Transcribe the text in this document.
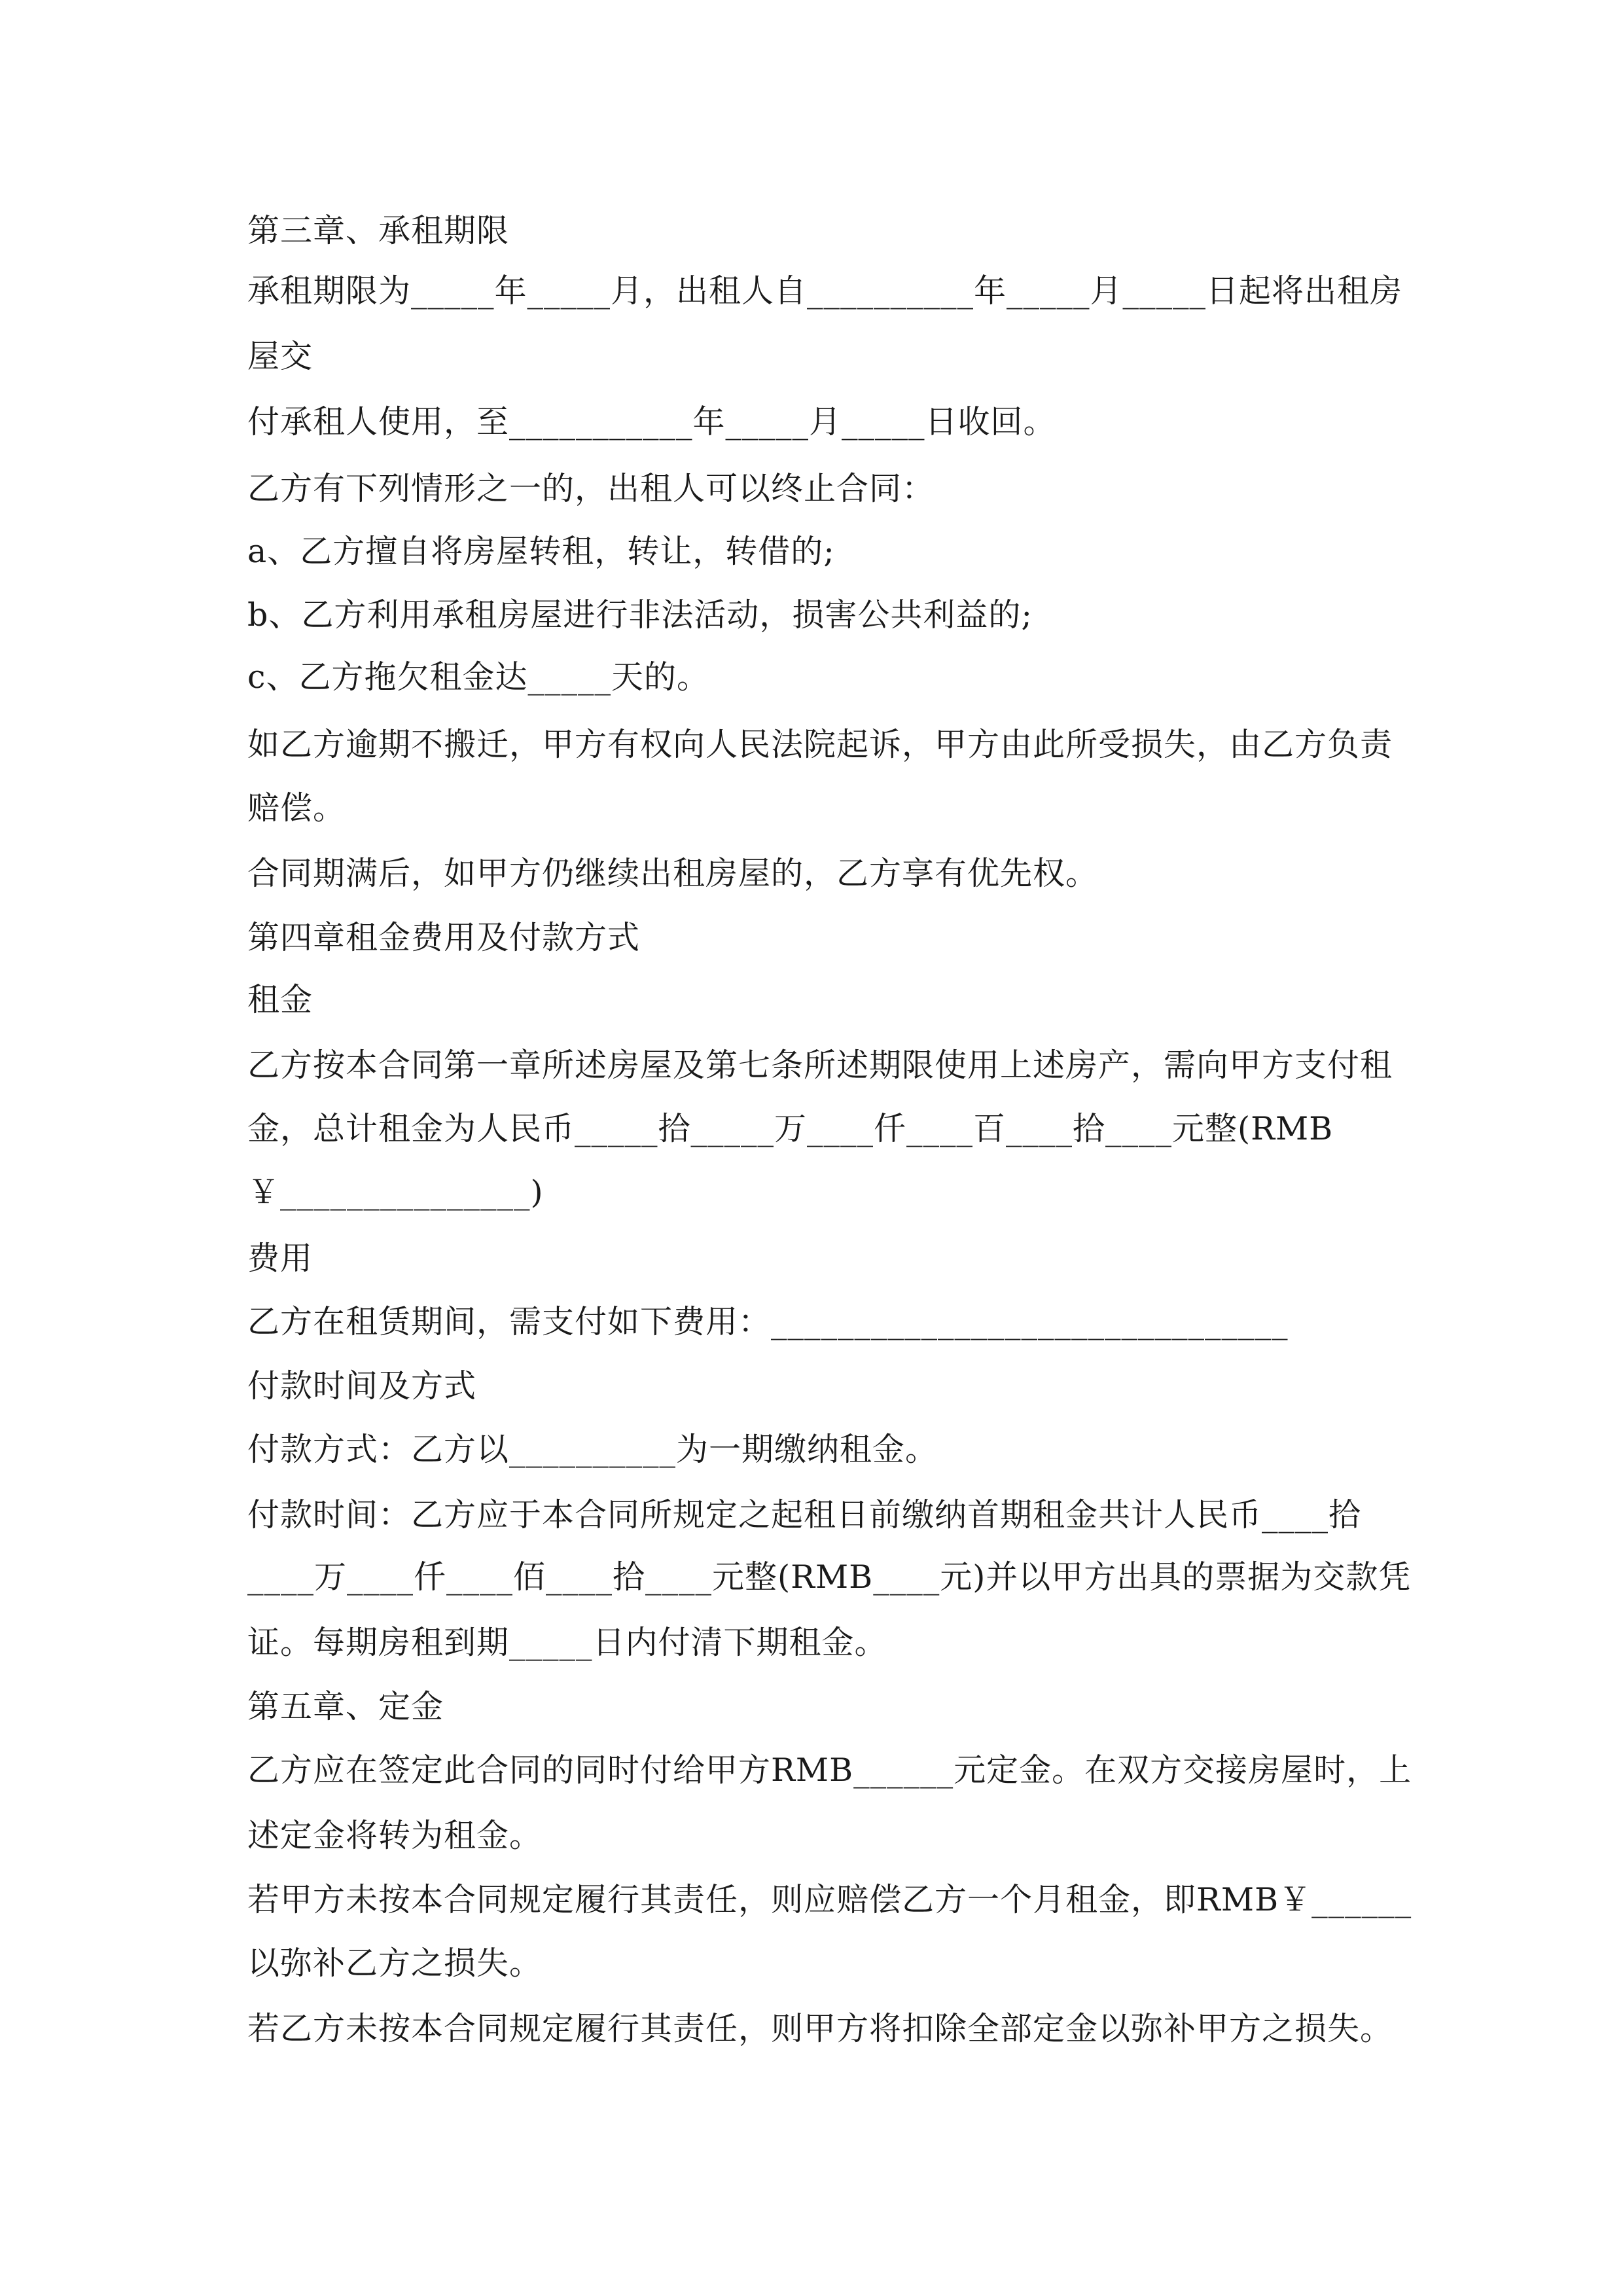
第三章、承租期限
承租期限为_____年_____月，出租人自__________年_____月_____日起将出租房
屋交
付承租人使用，至___________年_____月_____日收回。
乙方有下列情形之一的，出租人可以终止合同：
a、乙方擅自将房屋转租，转让，转借的;
b、乙方利用承租房屋进行非法活动，损害公共利益的;
c、乙方拖欠租金达_____天的。
如乙方逾期不搬迁，甲方有权向人民法院起诉，甲方由此所受损失，由乙方负责
赔偿。
合同期满后，如甲方仍继续出租房屋的，乙方享有优先权。
第四章租金费用及付款方式
租金
乙方按本合同第一章所述房屋及第七条所述期限使用上述房产，需向甲方支付租
金，总计租金为人民币_____拾_____万____仟____百____拾____元整(RMB
￥_______________)
费用
乙方在租赁期间，需支付如下费用：_______________________________
付款时间及方式
付款方式：乙方以__________为一期缴纳租金。
付款时间：乙方应于本合同所规定之起租日前缴纳首期租金共计人民币____拾
____万____仟____佰____拾____元整(RMB____元)并以甲方出具的票据为交款凭
证。每期房租到期_____日内付清下期租金。
第五章、定金
乙方应在签定此合同的同时付给甲方RMB______元定金。在双方交接房屋时，上
述定金将转为租金。
若甲方未按本合同规定履行其责任，则应赔偿乙方一个月租金，即RMB￥______
以弥补乙方之损失。
若乙方未按本合同规定履行其责任，则甲方将扣除全部定金以弥补甲方之损失。
